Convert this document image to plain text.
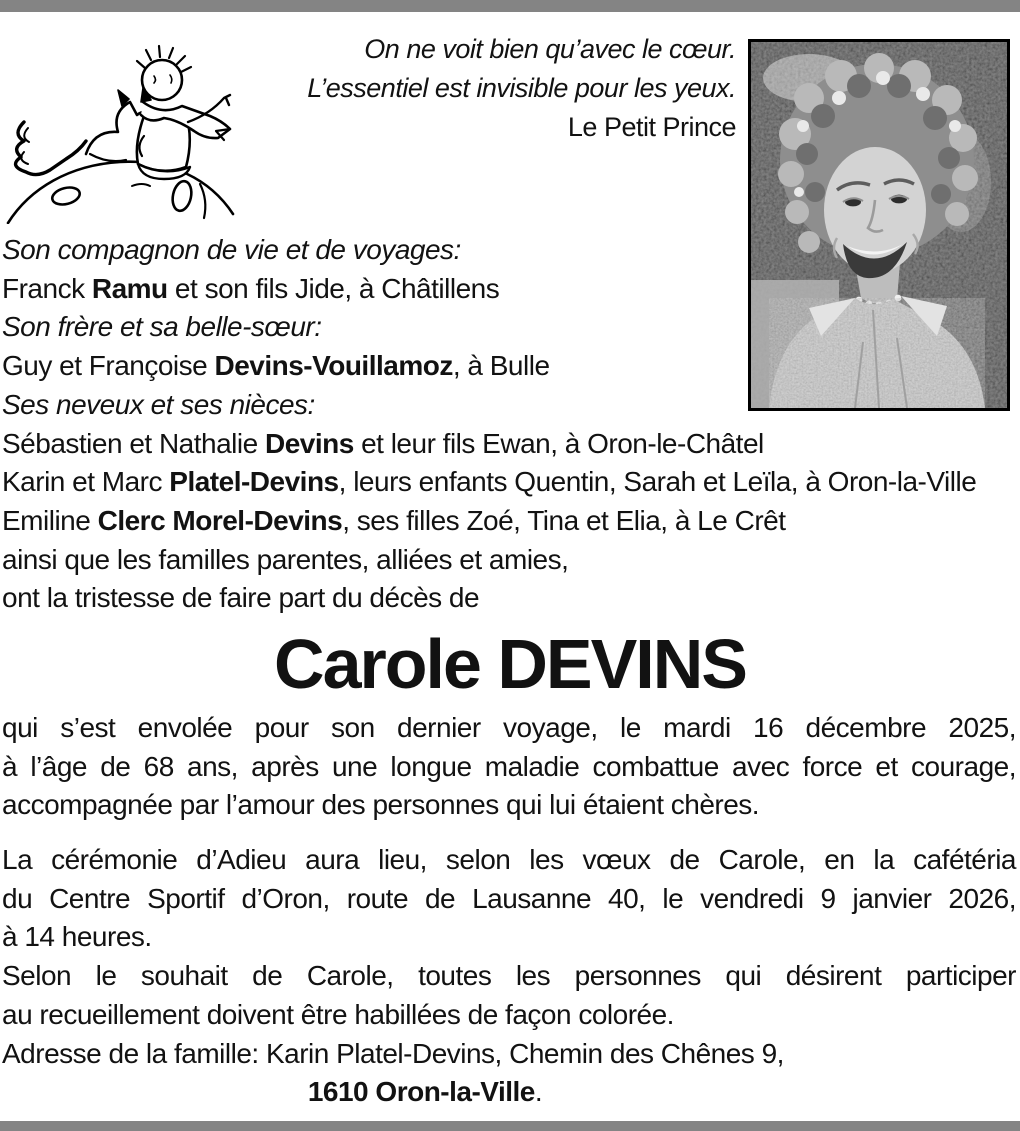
On ne voit bien qu’avec le cœur.
L’essentiel est invisible pour les yeux.
Le Petit Prince
Son compagnon de vie et de voyages:
Franck Ramu et son fils Jide, à Châtillens
Son frère et sa belle-sœur:
Guy et Françoise Devins-Vouillamoz, à Bulle
Ses neveux et ses nièces:
Sébastien et Nathalie Devins et leur fils Ewan, à Oron-le-Châtel
Karin et Marc Platel-Devins, leurs enfants Quentin, Sarah et Leïla, à Oron-la-Ville
Emiline Clerc Morel-Devins, ses filles Zoé, Tina et Elia, à Le Crêt
ainsi que les familles parentes, alliées et amies,
ont la tristesse de faire part du décès de
Carole DEVINS
qui s’est envolée pour son dernier voyage, le mardi 16 décembre 2025,
à l’âge de 68 ans, après une longue maladie combattue avec force et courage,
accompagnée par l’amour des personnes qui lui étaient chères.
La cérémonie d’Adieu aura lieu, selon les vœux de Carole, en la cafétéria
du Centre Sportif d’Oron, route de Lausanne 40, le vendredi 9 janvier 2026,
à 14 heures.
Selon le souhait de Carole, toutes les personnes qui désirent participer
au recueillement doivent être habillées de façon colorée.
Adresse de la famille: Karin Platel-Devins, Chemin des Chênes 9,
1610 Oron-la-Ville.
